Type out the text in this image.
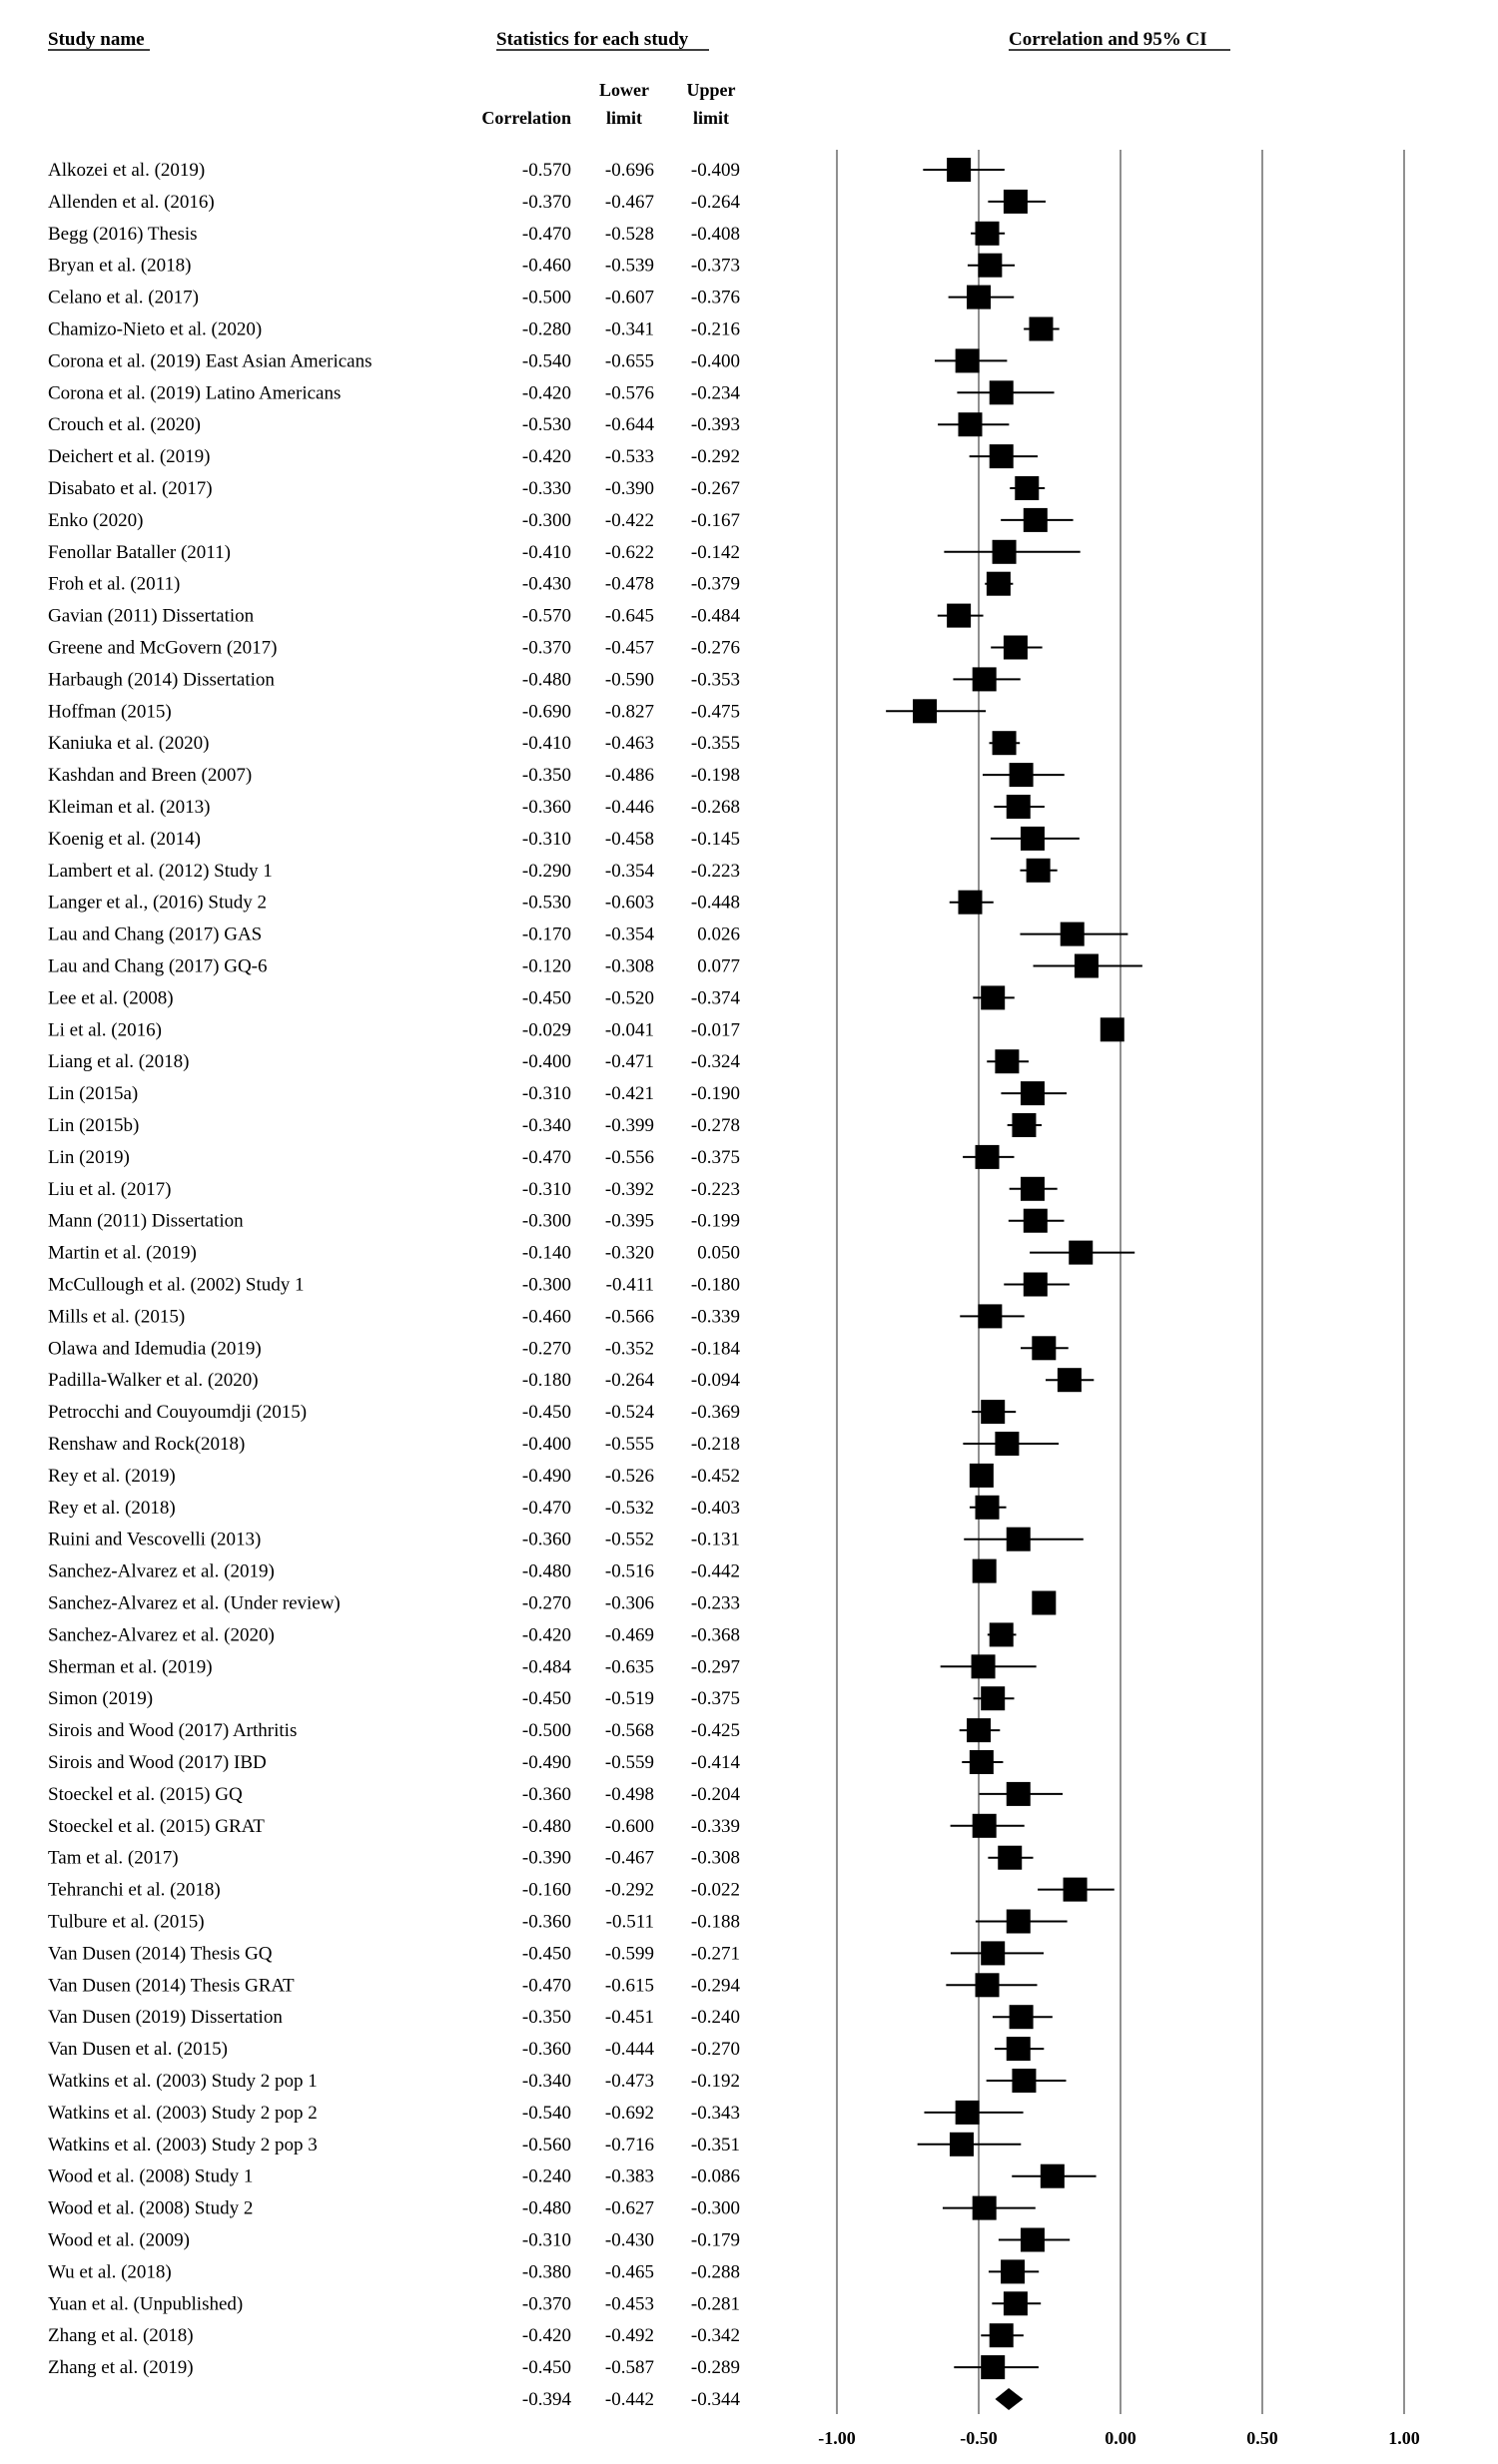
Study name	Statistics for each study	Correlation and 95% CI
Correlation
Lower
limit
Upper
limit
Alkozei et al. (2019)	-0.570 -0.696 -0.409
Allenden et al. (2016)	-0.370 -0.467 -0.264
Begg (2016) Thesis	-0.470 -0.528 -0.408
Bryan et al. (2018)	-0.460 -0.539 -0.373
Celano et al. (2017)	-0.500 -0.607 -0.376
Chamizo-Nieto et al. (2020)	-0.280 -0.341 -0.216
Corona et al. (2019) East Asian Americans	-0.540 -0.655 -0.400
Corona et al. (2019) Latino Americans	-0.420 -0.576 -0.234
Crouch et al. (2020)	-0.530 -0.644 -0.393
Deichert et al. (2019)	-0.420 -0.533 -0.292
Disabato et al. (2017)	-0.330 -0.390 -0.267
Enko (2020)	-0.300 -0.422 -0.167
Fenollar Bataller (2011)	-0.410 -0.622 -0.142
Froh et al. (2011)	-0.430 -0.478 -0.379
Gavian (2011) Dissertation	-0.570 -0.645 -0.484
Greene and McGovern (2017)	-0.370 -0.457 -0.276
Harbaugh (2014) Dissertation	-0.480 -0.590 -0.353
Hoffman (2015)	-0.690 -0.827 -0.475
Kaniuka et al. (2020)	-0.410 -0.463 -0.355
Kashdan and Breen (2007)	-0.350 -0.486 -0.198
Kleiman et al. (2013)	-0.360 -0.446 -0.268
Koenig et al. (2014)	-0.310 -0.458 -0.145
Lambert et al. (2012) Study 1	-0.290 -0.354 -0.223
Langer et al., (2016) Study 2	-0.530 -0.603 -0.448
Lau and Chang (2017) GAS	-0.170 -0.354 0.026
Lau and Chang (2017) GQ-6	-0.120 -0.308 0.077
Lee et al. (2008)	-0.450 -0.520 -0.374
Li et al. (2016)	-0.029 -0.041 -0.017
Liang et al. (2018)	-0.400 -0.471 -0.324
Lin (2015a)	-0.310 -0.421 -0.190
Lin (2015b)	-0.340 -0.399 -0.278
Lin (2019)	-0.470 -0.556 -0.375
Liu et al. (2017)	-0.310 -0.392 -0.223
Mann (2011) Dissertation	-0.300 -0.395 -0.199
Martin et al. (2019)	-0.140 -0.320 0.050
McCullough et al. (2002) Study 1	-0.300 -0.411 -0.180
Mills et al. (2015)	-0.460 -0.566 -0.339
Olawa and Idemudia (2019)	-0.270 -0.352 -0.184
Padilla-Walker et al. (2020)	-0.180 -0.264 -0.094
Petrocchi and Couyoumdji (2015)	-0.450 -0.524 -0.369
Renshaw and Rock(2018)	-0.400 -0.555 -0.218
Rey et al. (2019)	-0.490 -0.526 -0.452
Rey et al. (2018)	-0.470 -0.532 -0.403
Ruini and Vescovelli (2013)	-0.360 -0.552 -0.131
Sanchez-Alvarez et al. (2019)	-0.480 -0.516 -0.442
Sanchez-Alvarez et al. (Under review)	-0.270 -0.306 -0.233
Sanchez-Alvarez et al. (2020)	-0.420 -0.469 -0.368
Sherman et al. (2019)	-0.484 -0.635 -0.297
Simon (2019)	-0.450 -0.519 -0.375
Sirois and Wood (2017) Arthritis	-0.500 -0.568 -0.425
Sirois and Wood (2017) IBD	-0.490 -0.559 -0.414
Stoeckel et al. (2015) GQ	-0.360 -0.498 -0.204
Stoeckel et al. (2015) GRAT	-0.480 -0.600 -0.339
Tam et al. (2017)	-0.390 -0.467 -0.308
Tehranchi et al. (2018)	-0.160 -0.292 -0.022
Tulbure et al. (2015)	-0.360 -0.511 -0.188
Van Dusen (2014) Thesis GQ	-0.450 -0.599 -0.271
Van Dusen (2014) Thesis GRAT	-0.470 -0.615 -0.294
Van Dusen (2019) Dissertation	-0.350 -0.451 -0.240
Van Dusen et al. (2015)	-0.360 -0.444 -0.270
Watkins et al. (2003) Study 2 pop 1	-0.340 -0.473 -0.192
Watkins et al. (2003) Study 2 pop 2	-0.540 -0.692 -0.343
Watkins et al. (2003) Study 2 pop 3	-0.560 -0.716 -0.351
Wood et al. (2008) Study 1	-0.240 -0.383 -0.086
Wood et al. (2008) Study 2	-0.480 -0.627 -0.300
Wood et al. (2009)	-0.310 -0.430 -0.179
Wu et al. (2018)	-0.380 -0.465 -0.288
Yuan et al. (Unpublished)	-0.370 -0.453 -0.281
Zhang et al. (2018)	-0.420 -0.492 -0.342
Zhang et al. (2019)	-0.450 -0.587 -0.289
-0.394 -0.442 -0.344
-1.00	-0.50	0.00	0.50	1.00
